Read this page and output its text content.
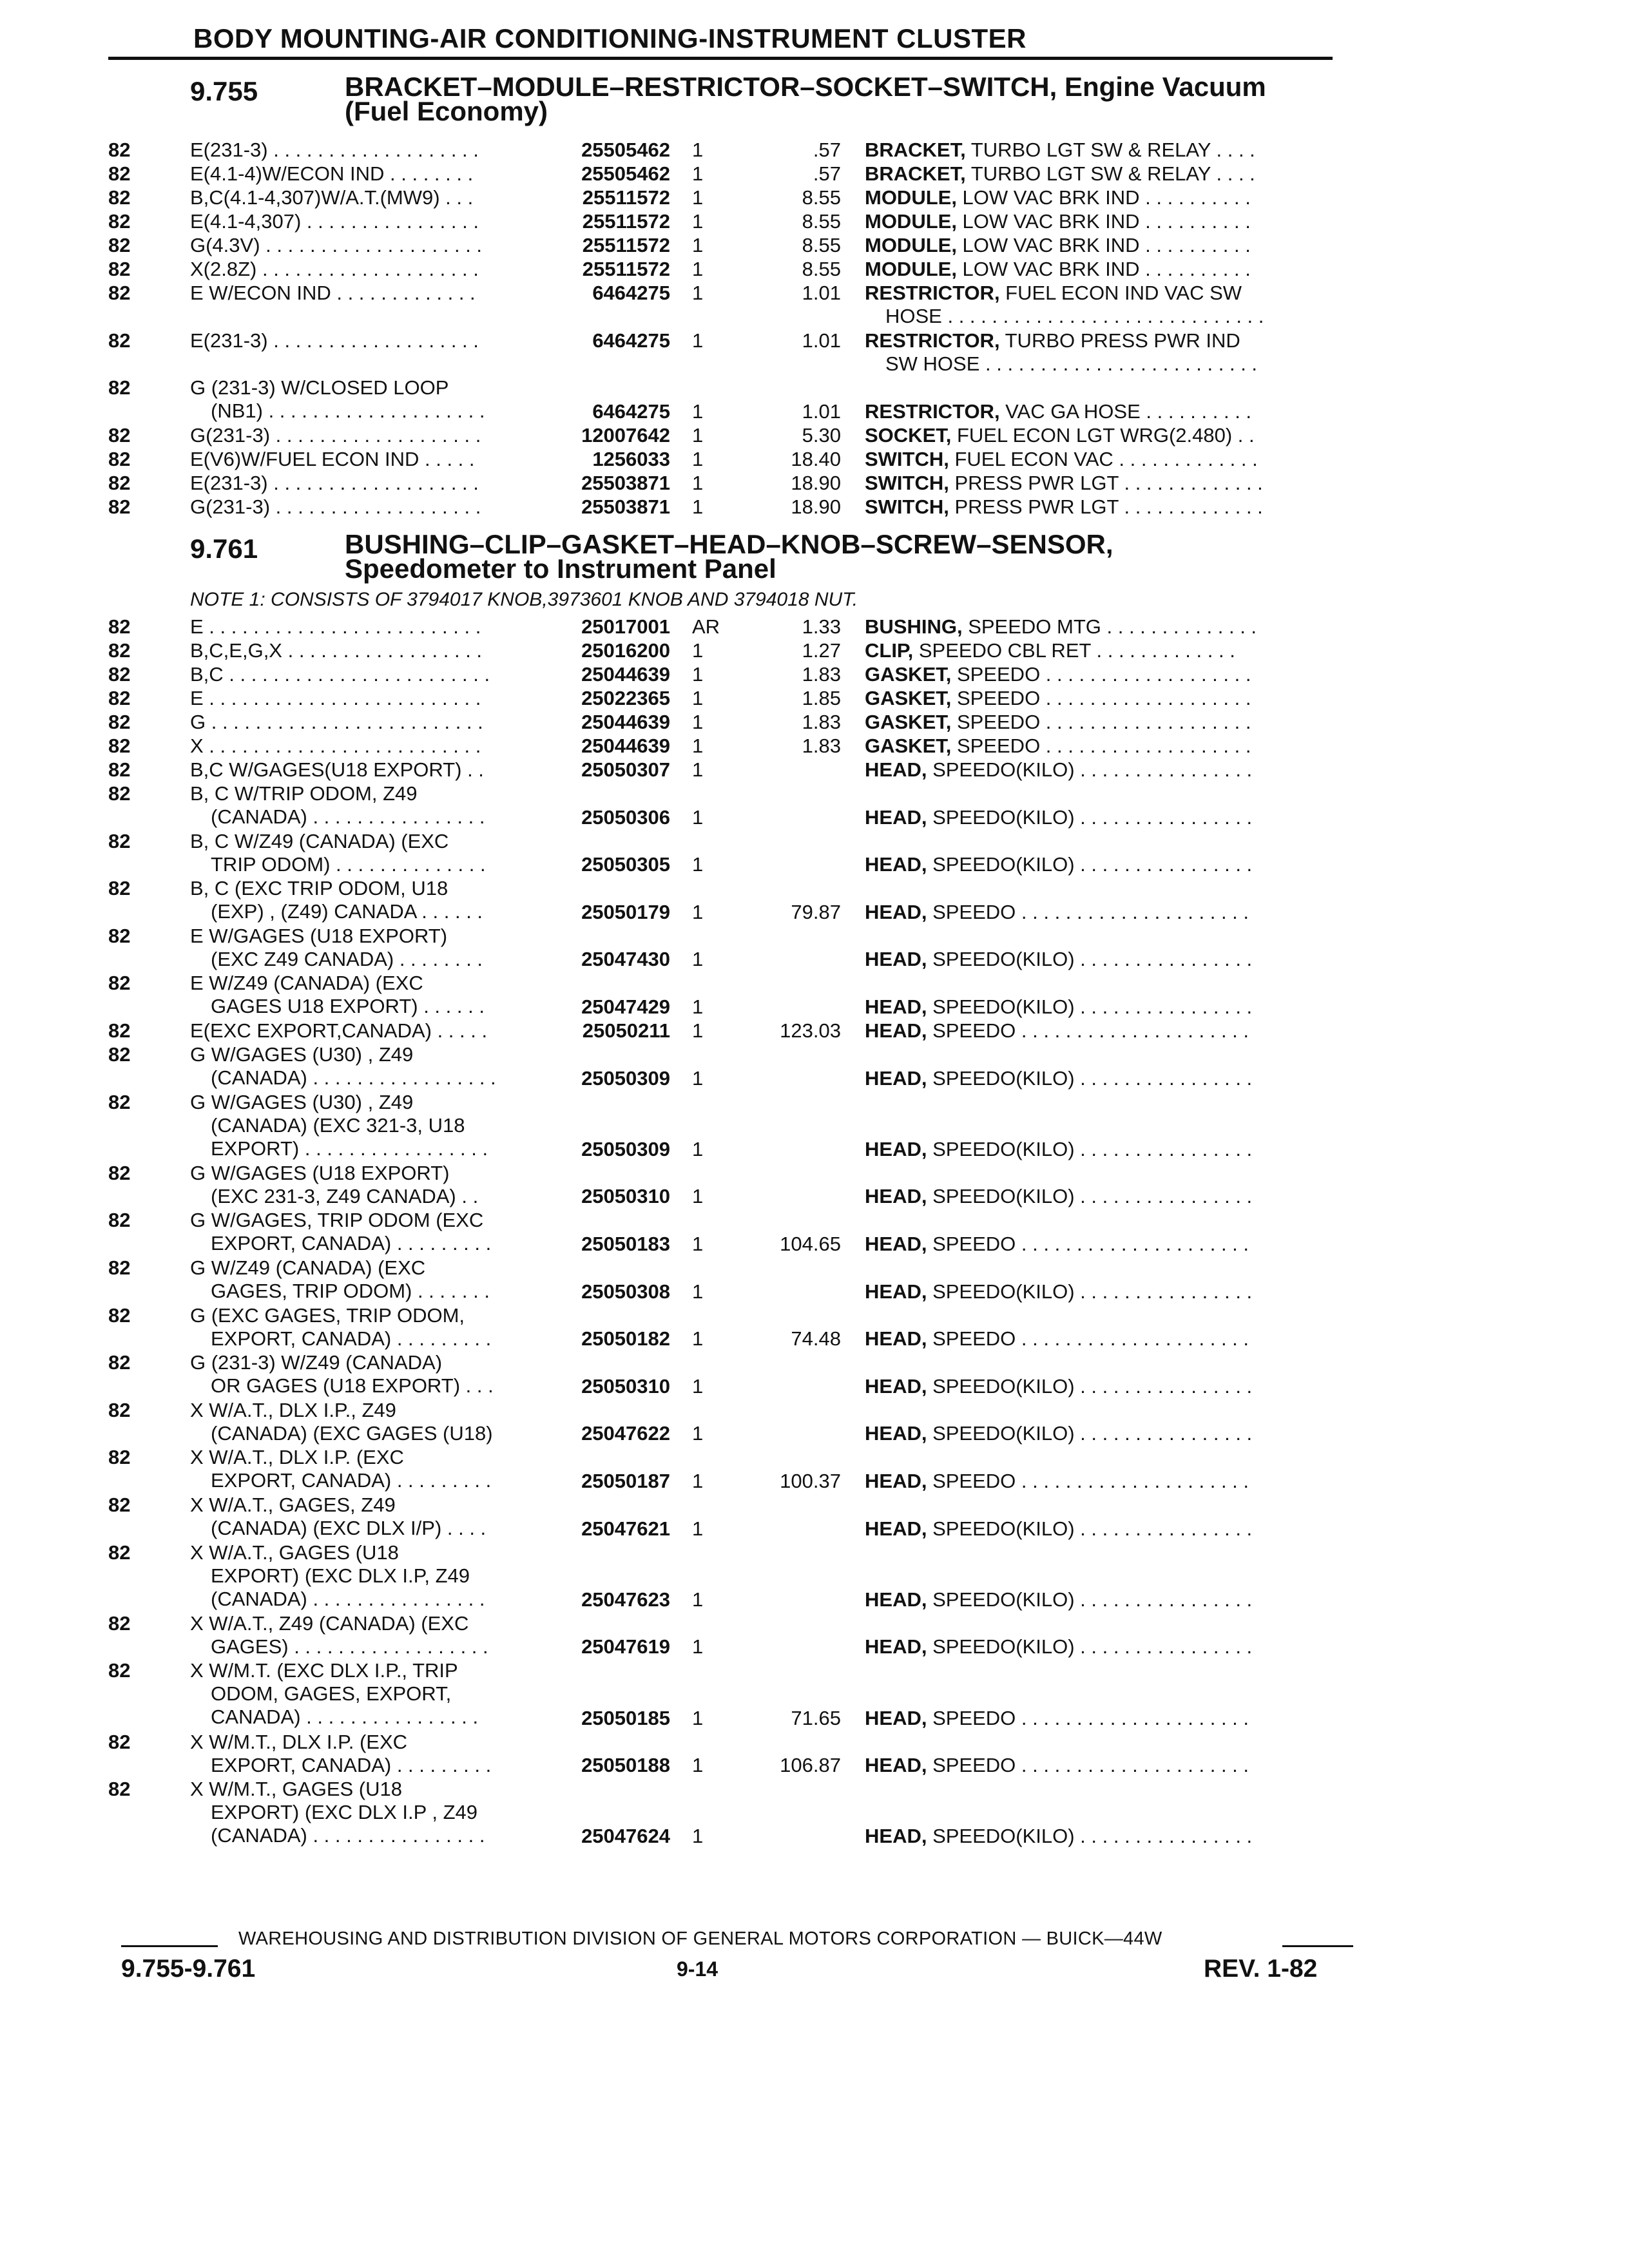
BODY MOUNTING-AIR CONDITIONING-INSTRUMENT CLUSTER
9.755	BRACKET–MODULE–RESTRICTOR–SOCKET–SWITCH, Engine Vacuum
(Fuel Economy)
82	E(231-3) . . . . . . . . . . . . . . . . . . .	25505462 1	.57 BRACKET, TURBO LGT SW & RELAY . . . .
82	E(4.1-4)W/ECON IND . . . . . . . .	25505462 1	.57 BRACKET, TURBO LGT SW & RELAY . . . .
82	B,C(4.1-4,307)W/A.T.(MW9) . . .	25511572 1	8.55 MODULE, LOW VAC BRK IND . . . . . . . . . .
82	E(4.1-4,307) . . . . . . . . . . . . . . . .	25511572 1	8.55 MODULE, LOW VAC BRK IND . . . . . . . . . .
82	G(4.3V) . . . . . . . . . . . . . . . . . . . .	25511572 1	8.55 MODULE, LOW VAC BRK IND . . . . . . . . . .
82	X(2.8Z) . . . . . . . . . . . . . . . . . . . .	25511572 1	8.55 MODULE, LOW VAC BRK IND . . . . . . . . . .
82	E W/ECON IND . . . . . . . . . . . . .	6464275 1	1.01 RESTRICTOR, FUEL ECON IND VAC SW
HOSE . . . . . . . . . . . . . . . . . . . . . . . . . . . . .
82	E(231-3) . . . . . . . . . . . . . . . . . . .	6464275 1	1.01 RESTRICTOR, TURBO PRESS PWR IND
SW HOSE . . . . . . . . . . . . . . . . . . . . . . . . .
82	G (231-3) W/CLOSED LOOP
(NB1) . . . . . . . . . . . . . . . . . . . .	6464275 1	1.01 RESTRICTOR, VAC GA HOSE . . . . . . . . . .
82	G(231-3) . . . . . . . . . . . . . . . . . . .	12007642 1	5.30 SOCKET, FUEL ECON LGT WRG(2.480) . .
82	E(V6)W/FUEL ECON IND . . . . .	1256033 1	18.40 SWITCH, FUEL ECON VAC . . . . . . . . . . . . .
82	E(231-3) . . . . . . . . . . . . . . . . . . .	25503871 1	18.90 SWITCH, PRESS PWR LGT . . . . . . . . . . . . .
82	G(231-3) . . . . . . . . . . . . . . . . . . .	25503871 1	18.90 SWITCH, PRESS PWR LGT . . . . . . . . . . . . .
9.761	BUSHING–CLIP–GASKET–HEAD–KNOB–SCREW–SENSOR,
Speedometer to Instrument Panel
NOTE 1: CONSISTS OF 3794017 KNOB,3973601 KNOB AND 3794018 NUT.
82	E . . . . . . . . . . . . . . . . . . . . . . . . .	25017001 AR	1.33 BUSHING, SPEEDO MTG . . . . . . . . . . . . . .
82	B,C,E,G,X . . . . . . . . . . . . . . . . . .	25016200 1	1.27 CLIP, SPEEDO CBL RET . . . . . . . . . . . . .
82	B,C . . . . . . . . . . . . . . . . . . . . . . . .	25044639 1	1.83 GASKET, SPEEDO . . . . . . . . . . . . . . . . . . .
82	E . . . . . . . . . . . . . . . . . . . . . . . . .	25022365 1	1.85 GASKET, SPEEDO . . . . . . . . . . . . . . . . . . .
82	G . . . . . . . . . . . . . . . . . . . . . . . . .	25044639 1	1.83 GASKET, SPEEDO . . . . . . . . . . . . . . . . . . .
82	X . . . . . . . . . . . . . . . . . . . . . . . . .	25044639 1	1.83 GASKET, SPEEDO . . . . . . . . . . . . . . . . . . .
82	B,C W/GAGES(U18 EXPORT) . .	25050307 1	HEAD, SPEEDO(KILO) . . . . . . . . . . . . . . . .
82	B, C W/TRIP ODOM, Z49
(CANADA) . . . . . . . . . . . . . . . .	25050306 1	HEAD, SPEEDO(KILO) . . . . . . . . . . . . . . . .
82	B, C W/Z49 (CANADA) (EXC
TRIP ODOM) . . . . . . . . . . . . . .	25050305 1	HEAD, SPEEDO(KILO) . . . . . . . . . . . . . . . .
82	B, C (EXC TRIP ODOM, U18
(EXP) , (Z49) CANADA . . . . . .	25050179 1	79.87 HEAD, SPEEDO . . . . . . . . . . . . . . . . . . . . .
82	E W/GAGES (U18 EXPORT)
(EXC Z49 CANADA) . . . . . . . .	25047430 1	HEAD, SPEEDO(KILO) . . . . . . . . . . . . . . . .
82	E W/Z49 (CANADA) (EXC
GAGES U18 EXPORT) . . . . . .	25047429 1	HEAD, SPEEDO(KILO) . . . . . . . . . . . . . . . .
82	E(EXC EXPORT,CANADA) . . . . .	25050211 1	123.03 HEAD, SPEEDO . . . . . . . . . . . . . . . . . . . . .
82	G W/GAGES (U30) , Z49
(CANADA) . . . . . . . . . . . . . . . . .	25050309 1	HEAD, SPEEDO(KILO) . . . . . . . . . . . . . . . .
82	G W/GAGES (U30) , Z49
(CANADA) (EXC 321-3, U18
EXPORT) . . . . . . . . . . . . . . . . .	25050309 1	HEAD, SPEEDO(KILO) . . . . . . . . . . . . . . . .
82	G W/GAGES (U18 EXPORT)
(EXC 231-3, Z49 CANADA) . .	25050310 1	HEAD, SPEEDO(KILO) . . . . . . . . . . . . . . . .
82	G W/GAGES, TRIP ODOM (EXC
EXPORT, CANADA) . . . . . . . . .	25050183 1	104.65 HEAD, SPEEDO . . . . . . . . . . . . . . . . . . . . .
82	G W/Z49 (CANADA) (EXC
GAGES, TRIP ODOM) . . . . . . .	25050308 1	HEAD, SPEEDO(KILO) . . . . . . . . . . . . . . . .
82	G (EXC GAGES, TRIP ODOM,
EXPORT, CANADA) . . . . . . . . .	25050182 1	74.48 HEAD, SPEEDO . . . . . . . . . . . . . . . . . . . . .
82	G (231-3) W/Z49 (CANADA)
OR GAGES (U18 EXPORT) . . .	25050310 1	HEAD, SPEEDO(KILO) . . . . . . . . . . . . . . . .
82	X W/A.T., DLX I.P., Z49
(CANADA) (EXC GAGES (U18)	25047622 1	HEAD, SPEEDO(KILO) . . . . . . . . . . . . . . . .
82	X W/A.T., DLX I.P. (EXC
EXPORT, CANADA) . . . . . . . . .	25050187 1	100.37 HEAD, SPEEDO . . . . . . . . . . . . . . . . . . . . .
82	X W/A.T., GAGES, Z49
(CANADA) (EXC DLX I/P) . . . .	25047621 1	HEAD, SPEEDO(KILO) . . . . . . . . . . . . . . . .
82	X W/A.T., GAGES (U18
EXPORT) (EXC DLX I.P, Z49
(CANADA) . . . . . . . . . . . . . . . .	25047623 1	HEAD, SPEEDO(KILO) . . . . . . . . . . . . . . . .
82	X W/A.T., Z49 (CANADA) (EXC
GAGES) . . . . . . . . . . . . . . . . . .	25047619 1	HEAD, SPEEDO(KILO) . . . . . . . . . . . . . . . .
82	X W/M.T. (EXC DLX I.P., TRIP
ODOM, GAGES, EXPORT,
CANADA) . . . . . . . . . . . . . . . .	25050185 1	71.65 HEAD, SPEEDO . . . . . . . . . . . . . . . . . . . . .
82	X W/M.T., DLX I.P. (EXC
EXPORT, CANADA) . . . . . . . . .	25050188 1	106.87 HEAD, SPEEDO . . . . . . . . . . . . . . . . . . . . .
82	X W/M.T., GAGES (U18
EXPORT) (EXC DLX I.P , Z49
(CANADA) . . . . . . . . . . . . . . . .	25047624 1	HEAD, SPEEDO(KILO) . . . . . . . . . . . . . . . .
WAREHOUSING AND DISTRIBUTION DIVISION OF GENERAL MOTORS CORPORATION — BUICK—44W
9.755-9.761	9-14	REV. 1-82
